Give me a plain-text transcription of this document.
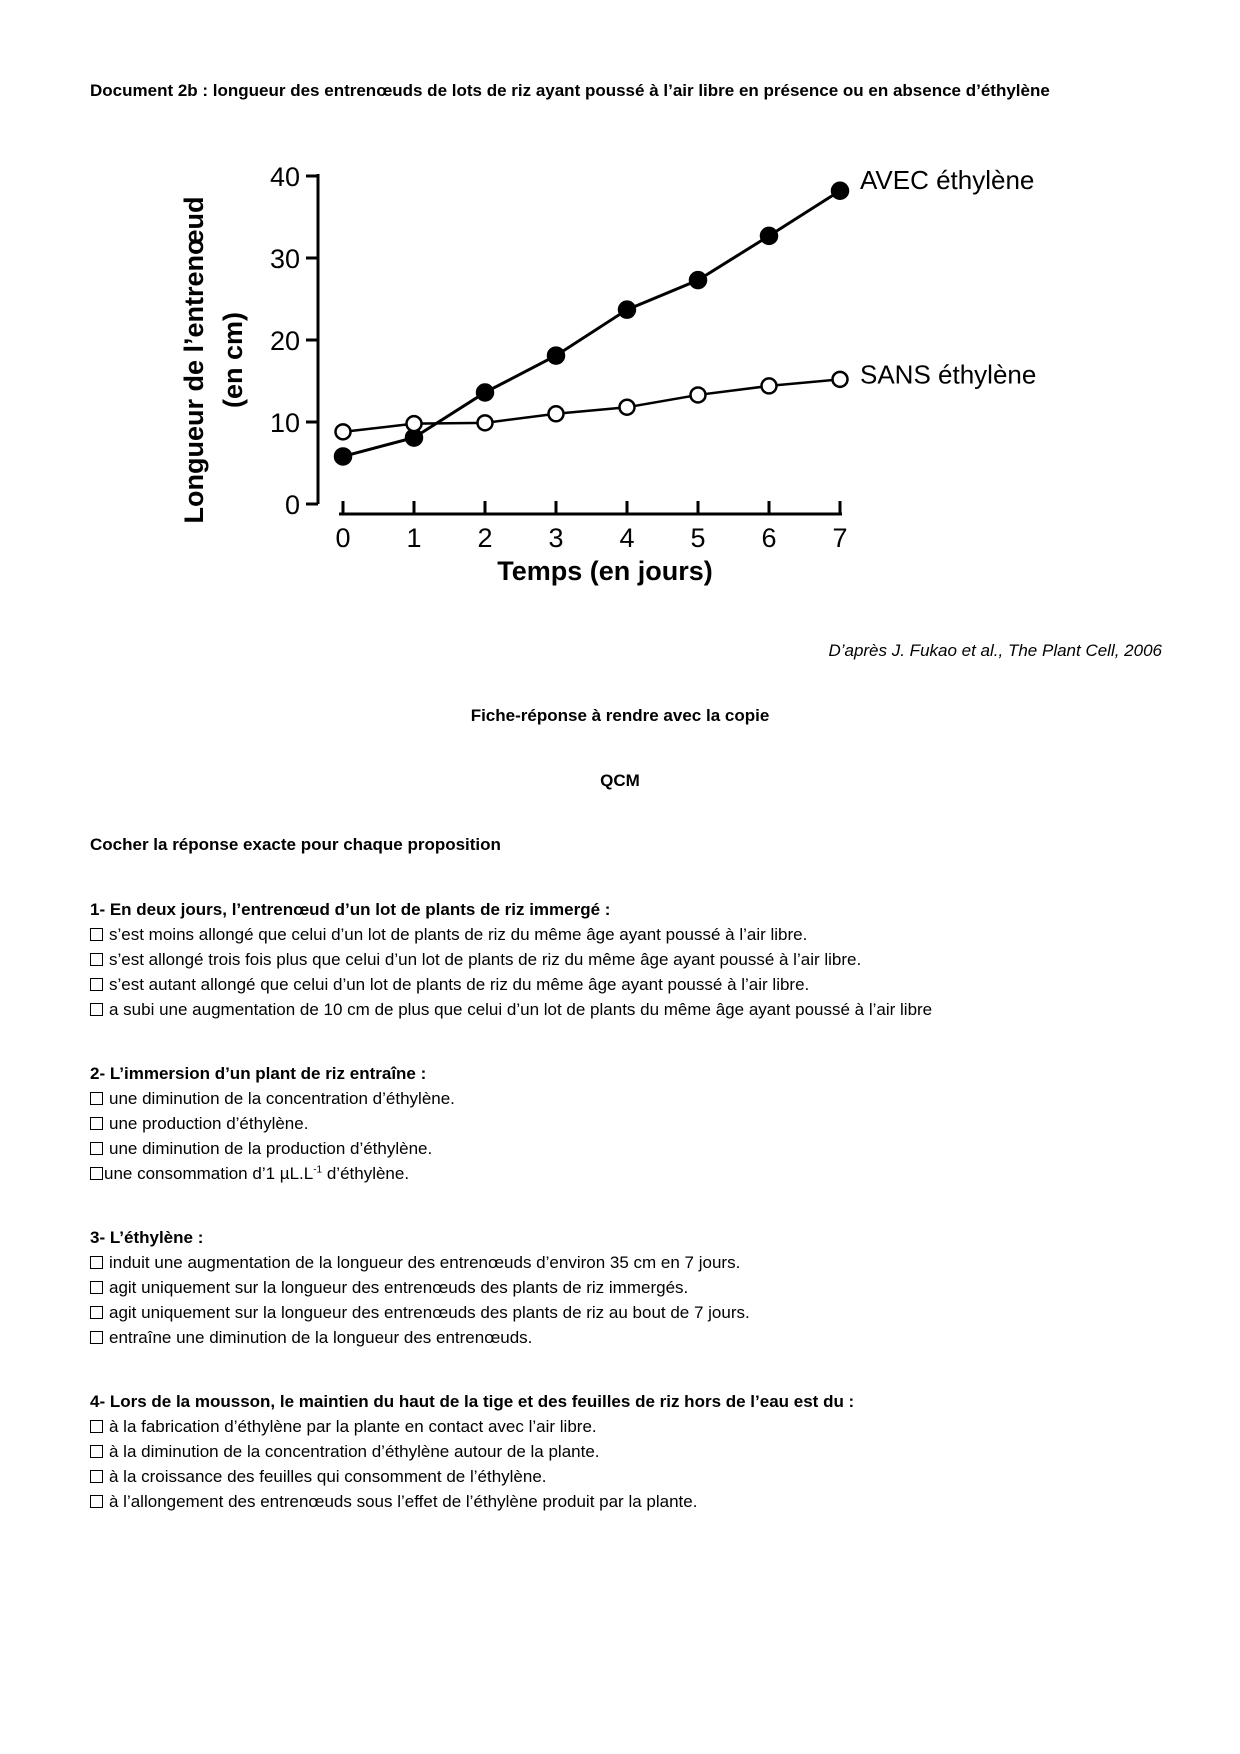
Document 2b : longueur des entrenœuds de lots de riz ayant poussé à l’air libre en présence ou en absence d’éthylène
Longueur de l’entrenœud (en cm)
Temps (en jours)
0
10
20
30
40
0 1 2 3 4 5 6 7
AVEC éthylène
SANS éthylène
D’après J. Fukao et al., The Plant Cell, 2006
Fiche-réponse à rendre avec la copie
QCM
Cocher la réponse exacte pour chaque proposition
1- En deux jours, l’entrenœud d’un lot de plants de riz immergé :
s’est moins allongé que celui d’un lot de plants de riz du même âge ayant poussé à l’air libre.
s’est allongé trois fois plus que celui d’un lot de plants de riz du même âge ayant poussé à l’air libre.
s’est autant allongé que celui d’un lot de plants de riz du même âge ayant poussé à l’air libre.
a subi une augmentation de 10 cm de plus que celui d’un lot de plants du même âge ayant poussé à l’air libre
2- L’immersion d’un plant de riz entraîne :
une diminution de la concentration d’éthylène.
une production d’éthylène.
une diminution de la production d’éthylène.
une consommation d’1 $\mu L.L^{-1}$ d’éthylène.
3- L’éthylène :
induit une augmentation de la longueur des entrenœuds d’environ 35 cm en 7 jours.
agit uniquement sur la longueur des entrenœuds des plants de riz immergés.
agit uniquement sur la longueur des entrenœuds des plants de riz au bout de 7 jours.
entraîne une diminution de la longueur des entrenœuds.
4- Lors de la mousson, le maintien du haut de la tige et des feuilles de riz hors de l’eau est du :
à la fabrication d’éthylène par la plante en contact avec l’air libre.
à la diminution de la concentration d’éthylène autour de la plante.
à la croissance des feuilles qui consomment de l’éthylène.
à l’allongement des entrenœuds sous l’effet de l’éthylène produit par la plante.
